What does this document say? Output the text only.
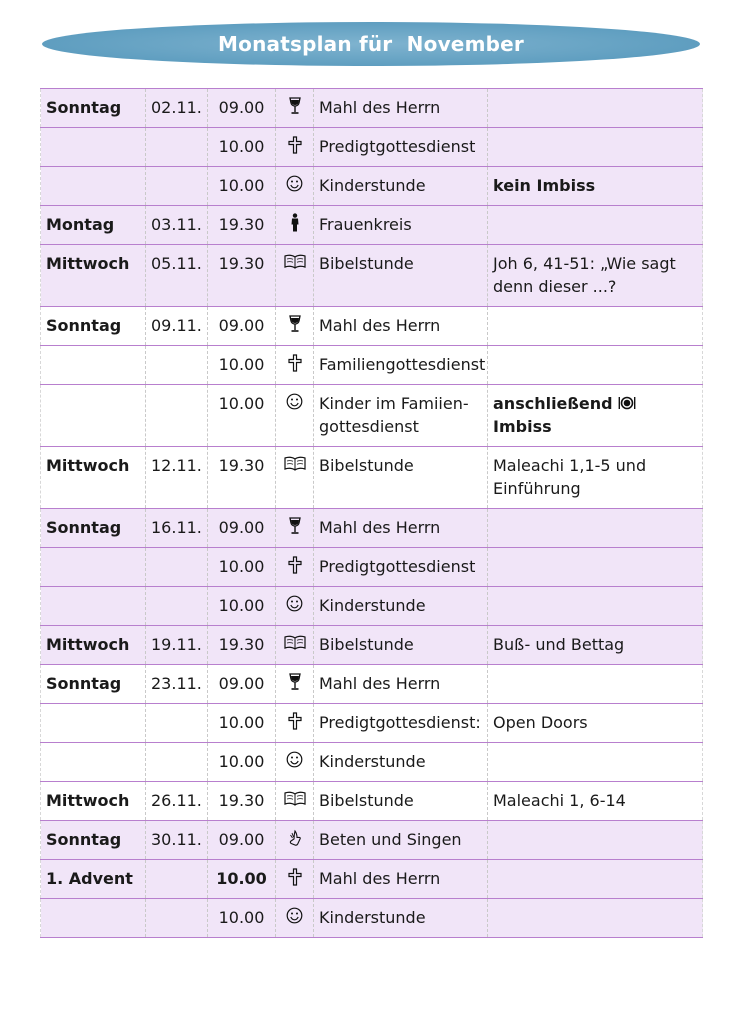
Monatsplan für  November
Sonntag	02.11.	09.00		Mahl des Herrn	
		10.00		Predigtgottesdienst	
		10.00		Kinderstunde	kein Imbiss
Montag	03.11.	19.30		Frauenkreis	
Mittwoch	05.11.	19.30		Bibelstunde	Joh 6, 41-51: „Wie sagt denn dieser ...?
Sonntag	09.11.	09.00		Mahl des Herrn	
		10.00		Familiengottesdienst	
		10.00		Kinder im Famiien-gottesdienst	anschließend  Imbiss
Mittwoch	12.11.	19.30		Bibelstunde	Maleachi 1,1-5 und Einführung
Sonntag	16.11.	09.00		Mahl des Herrn	
		10.00		Predigtgottesdienst	
		10.00		Kinderstunde	
Mittwoch	19.11.	19.30		Bibelstunde	Buß- und Bettag
Sonntag	23.11.	09.00		Mahl des Herrn	
		10.00		Predigtgottesdienst:	Open Doors
		10.00		Kinderstunde	
Mittwoch	26.11.	19.30		Bibelstunde	Maleachi 1, 6-14
Sonntag	30.11.	09.00		Beten und Singen	
1. Advent		10.00		Mahl des Herrn	
		10.00		Kinderstunde	
